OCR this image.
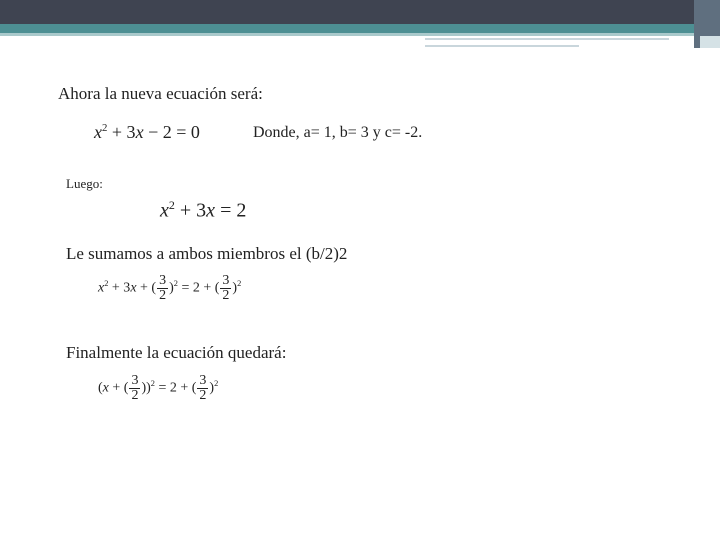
Ahora la nueva ecuación será:
$x^2 + 3x - 2 = 0$	Donde, a= 1, b= 3 y c= -2.
Luego:
$x^2 + 3x = 2$
Le sumamos a ambos miembros el (b/2)2
$x^2 + 3x$ + ( $\frac{3}{2} )^2 = 2$ + ( $\frac{3}{2} )^2$
Finalmente la ecuación quedará:
(x + ( $\frac{3}{2} ))^2 = 2$ + ( $\frac{3}{2} )^2$
